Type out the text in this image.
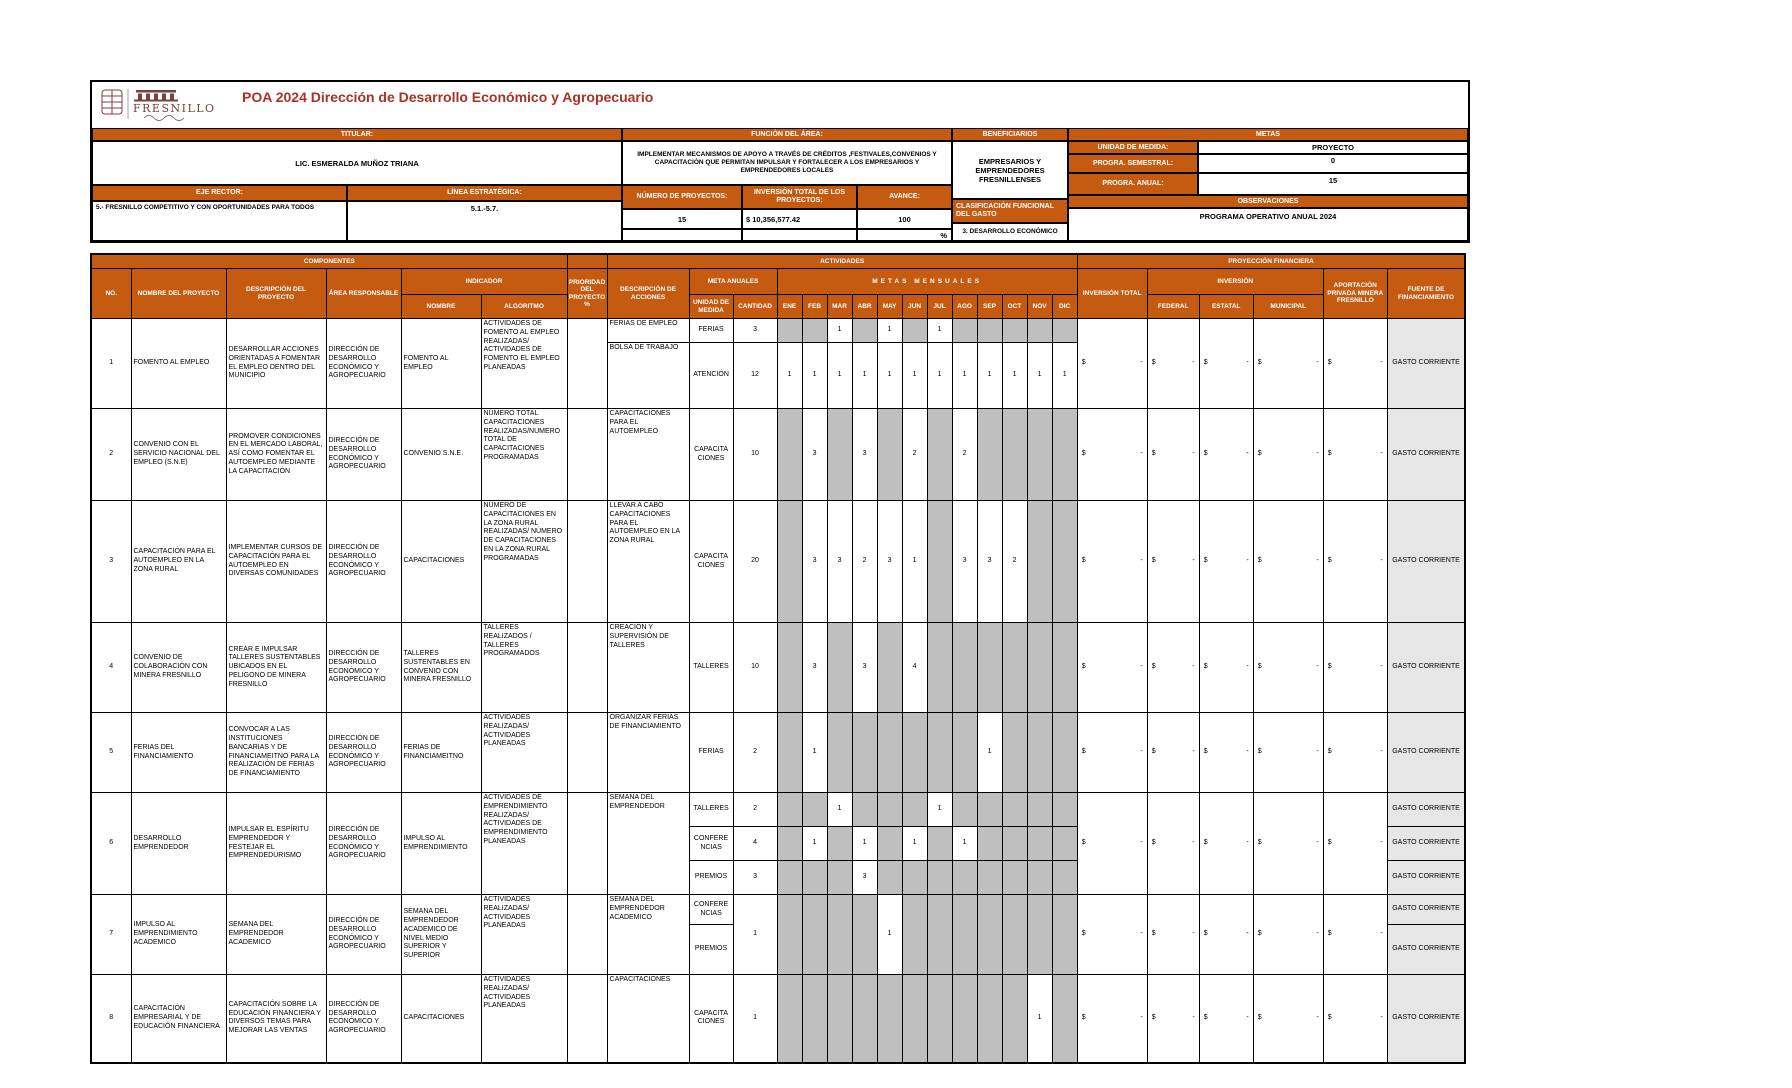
FRESNILLO
POA 2024 Dirección de Desarrollo Económico y Agropecuario
TITULAR:
LIC. ESMERALDA MUÑOZ TRIANA
EJE RECTOR:	LÍNEA ESTRATÉGICA:
5.- FRESNILLO COMPETITIVO Y CON OPORTUNIDADES PARA TODOS	5.1.-5.7.
FUNCIÓN DEL ÁREA:
IMPLEMENTAR MECANISMOS DE APOYO A TRAVÉS DE CRÉDITOS ,FESTIVALES,CONVENIOS Y CAPACITACIÓN QUE PERMITAN IMPULSAR Y FORTALECER A LOS EMPRESARIOS Y EMPRENDEDORES LOCALES
NÚMERO DE PROYECTOS:
INVERSIÓN TOTAL DE LOS PROYECTOS:
AVANCE:
15	$ 10,356,577.42	100
%
BENEFICIARIOS
EMPRESARIOS Y EMPRENDEDORES FRESNILLENSES
CLASIFICACIÓN FUNCIONAL DEL GASTO
3. DESARROLLO ECONÓMICO
METAS
UNIDAD DE MEDIDA:	PROYECTO
PROGRA. SEMESTRAL:	0
PROGRA. ANUAL:	15
OBSERVACIONES
PROGRAMA OPERATIVO ANUAL 2024
COMPONENTES							ACTIVIDADES															PROYECCIÓN FINANCIERA					
NO.	NOMBRE DEL PROYECTO	DESCRIPCIÓN DEL PROYECTO	ÁREA RESPONSABLE	INDICADOR		PRIORIDAD DEL PROYECTO %	DESCRIPCIÓN DE ACCIONES	META ANUALES		METAS MENSUALES												INVERSIÓN TOTAL	INVERSIÓN			APORTACIÓN PRIVADA MINERA FRESNILLO	FUENTE DE FINANCIAMIENTO
				NOMBRE	ALGORITMO			UNIDAD DE MEDIDA	CANTIDAD	ENE	FEB	MAR	ABR	MAY	JUN	JUL	AGO	SEP	OCT	NOV	DIC		FEDERAL	ESTATAL	MUNICIPAL		
1	FOMENTO AL EMPLEO	DESARROLLAR ACCIONES ORIENTADAS A FOMENTAR EL EMPLEO DENTRO DEL MUNICIPIO	DIRECCIÓN DE DESARROLLO ECONÓMICO Y AGROPECUARIO	FOMENTO AL EMPLEO	ACTIVIDADES DE FOMENTO AL EMPLEO REALIZADAS/ ACTIVIDADES DE FOMENTO EL EMPLEO PLANEADAS		FERIAS DE EMPLEO	FERIAS	3			1		1		1						$ -	$ -	$ -	$ -	$ -	GASTO CORRIENTE
							BOLSA DE TRABAJO	ATENCIÓN	12	1	1	1	1	1	1	1	1	1	1	1	1						
2	CONVENIO CON EL SERVICIO NACIONAL DEL EMPLEO (S.N.E)	PROMOVER CONDICIONES EN EL MERCADO LABORAL, ASÍ COMO FOMENTAR EL AUTOEMPLEO MEDIANTE LA CAPACITACIÓN	DIRECCIÓN DE DESARROLLO ECONÓMICO Y AGROPECUARIO	CONVENIO S.N.E.	NÚMERO TOTAL CAPACITACIONES REALIZADAS/NUMERO TOTAL DE CAPACITACIONES PROGRAMADAS		CAPACITACIONES PARA EL AUTOEMPLEO	CAPACITACIONES	10		3		3		2		2					$ -	$ -	$ -	$ -	$ -	GASTO CORRIENTE
3	CAPACITACIÓN PARA EL AUTOEMPLEO EN LA ZONA RURAL	IMPLEMENTAR CURSOS DE CAPACITACIÓN PARA EL AUTOEMPLEO EN DIVERSAS COMUNIDADES	DIRECCIÓN DE DESARROLLO ECONÓMICO Y AGROPECUARIO	CAPACITACIONES	NÚMERO DE CAPACITACIONES EN LA ZONA RURAL REALIZADAS/ NÚMERO DE CAPACITACIONES EN LA ZONA RURAL PROGRAMADAS		LLEVAR A CABO CAPACITACIONES PARA EL AUTOEMPLEO EN LA ZONA RURAL	CAPACITACIONES	20		3	3	2	3	1		3	3	2			$ -	$ -	$ -	$ -	$ -	GASTO CORRIENTE
4	CONVENIO DE COLABORACIÓN CON MINERA FRESNILLO	CREAR E IMPULSAR TALLERES SUSTENTABLES UBICADOS EN EL PELIGONO DE MINERA FRESNILLO	DIRECCIÓN DE DESARROLLO ECONÓMICO Y AGROPECUARIO	TALLERES SUSTENTABLES EN CONVENIO CON MINERA FRESNILLO	TALLERES REALIZADOS / TALLERES PROGRAMADOS		CREACIÓN Y SUPERVISIÓN DE TALLERES	TALLERES	10		3		3		4							$ -	$ -	$ -	$ -	$ -	GASTO CORRIENTE
5	FERIAS DEL FINANCIAMIENTO	CONVOCAR A LAS INSTITUCIONES BANCARIAS Y DE FINANCIAMEITNO PARA LA REALIZACIÓN DE FERIAS DE FINANCIAMIENTO	DIRECCIÓN DE DESARROLLO ECONÓMICO Y AGROPECUARIO	FERIAS DE FINANCIAMEITNO	ACTIVIDADES REALIZADAS/ ACTIVIDADES PLANEADAS		ORGANIZAR FERIAS DE FINANCIAMIENTO	FERIAS	2		1							1				$ -	$ -	$ -	$ -	$ -	GASTO CORRIENTE
6	DESARROLLO EMPRENDEDOR	IMPULSAR EL ESPÍRITU EMPRENDEDOR Y FESTEJAR EL EMPRENDEDURISMO	DIRECCIÓN DE DESARROLLO ECONÓMICO Y AGROPECUARIO	IMPULSO AL EMPRENDIMIENTO	ACTIVIDADES DE EMPRENDIMIENTO REALIZADAS/ ACTIVIDADES DE EMPRENDIMIENTO PLANEADAS		SEMANA DEL EMPRENDEDOR	TALLERES	2			1				1						$ -	$ -	$ -	$ -	$ -	GASTO CORRIENTE
								CONFERENCIAS	4		1		1		1		1										GASTO CORRIENTE
								PREMIOS	3				3														GASTO CORRIENTE
7	IMPULSO AL EMPRENDIMIENTO ACADEMICO	SEMANA DEL EMPRENDEDOR ACADEMICO	DIRECCIÓN DE DESARROLLO ECONÓMICO Y AGROPECUARIO	SEMANA DEL EMPRENDEDOR ACADEMICO DE NIVEL MEDIO SUPERIOR Y SUPERIOR	ACTIVIDADES REALIZADAS/ ACTIVIDADES PLANEADAS		SEMANA DEL EMPRENDEDOR ACADEMICO	CONFERENCIAS	1					1								$ -	$ -	$ -	$ -	$ -	GASTO CORRIENTE
								PREMIOS																			GASTO CORRIENTE
8	CAPACITACIÓN EMPRESARIAL Y DE EDUCACIÓN FINANCIERA	CAPACITACIÓN SOBRE LA EDUCACIÓN FINANCIERA Y DIVERSOS TEMAS PARA MEJORAR LAS VENTAS	DIRECCIÓN DE DESARROLLO ECONÓMICO Y AGROPECUARIO	CAPACITACIONES	ACTIVIDADES REALIZADAS/ ACTIVIDADES PLANEADAS		CAPACITACIONES	CAPACITACIONES	1											1		$ -	$ -	$ -	$ -	$ -	GASTO CORRIENTE
